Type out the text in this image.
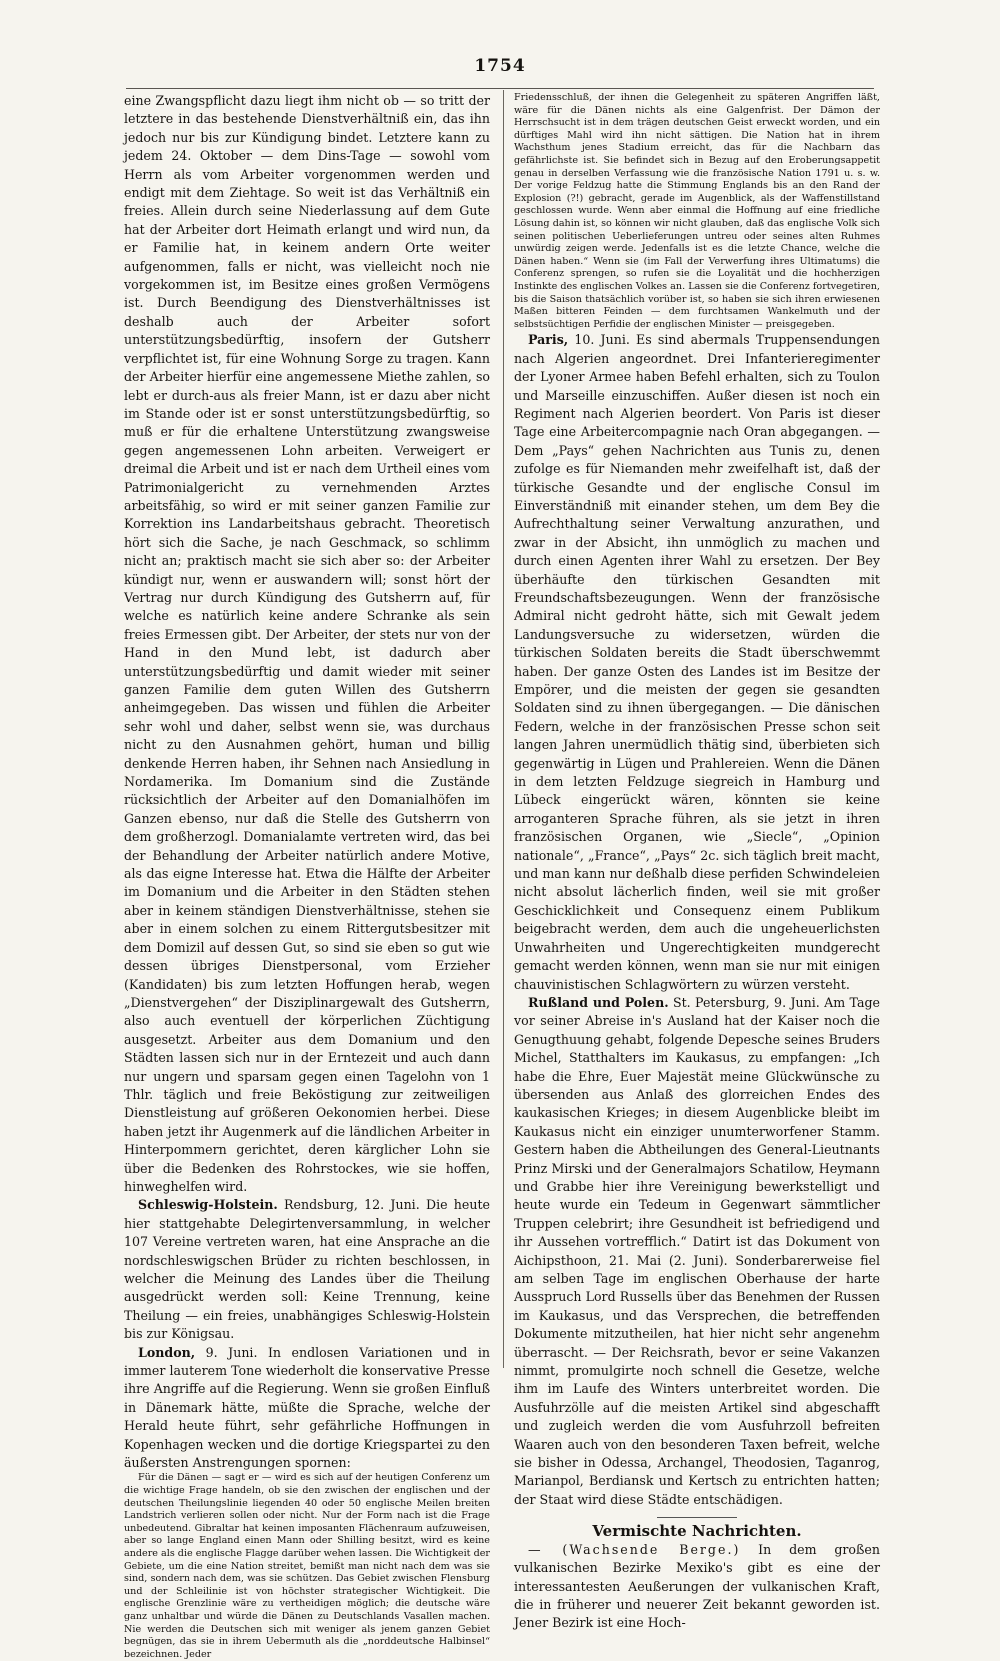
1754

eine Zwangspflicht dazu liegt ihm nicht ob — so tritt der letztere in das bestehende Dienstverhältniß ein, das ihn jedoch nur bis zur Kündigung bindet. Letztere kann zu jedem 24. Oktober — dem Dins-Tage — sowohl vom Herrn als vom Arbeiter vorgenommen werden und endigt mit dem Ziehtage. So weit ist das Verhältniß ein freies. Allein durch seine Niederlassung auf dem Gute hat der Arbeiter dort Heimath erlangt und wird nun, da er Familie hat, in keinem andern Orte weiter aufgenommen, falls er nicht, was vielleicht noch nie vorgekommen ist, im Besitze eines großen Vermögens ist. Durch Beendigung des Dienstverhältnisses ist deshalb auch der Arbeiter sofort unterstützungsbedürftig, insofern der Gutsherr verpflichtet ist, für eine Wohnung Sorge zu tragen. Kann der Arbeiter hierfür eine angemessene Miethe zahlen, so lebt er durch-aus als freier Mann, ist er dazu aber nicht im Stande oder ist er sonst unterstützungsbedürftig, so muß er für die erhaltene Unterstützung zwangsweise gegen angemessenen Lohn arbeiten. Verweigert er dreimal die Arbeit und ist er nach dem Urtheil eines vom Patrimonialgericht zu vernehmenden Arztes arbeitsfähig, so wird er mit seiner ganzen Familie zur Korrektion ins Landarbeitshaus gebracht. Theoretisch hört sich die Sache, je nach Geschmack, so schlimm nicht an; praktisch macht sie sich aber so: der Arbeiter kündigt nur, wenn er auswandern will; sonst hört der Vertrag nur durch Kündigung des Gutsherrn auf, für welche es natürlich keine andere Schranke als sein freies Ermessen gibt. Der Arbeiter, der stets nur von der Hand in den Mund lebt, ist dadurch aber unterstützungsbedürftig und damit wieder mit seiner ganzen Familie dem guten Willen des Gutsherrn anheimgegeben. Das wissen und fühlen die Arbeiter sehr wohl und daher, selbst wenn sie, was durchaus nicht zu den Ausnahmen gehört, human und billig denkende Herren haben, ihr Sehnen nach Ansiedlung in Nordamerika. Im Domanium sind die Zustände rücksichtlich der Arbeiter auf den Domanialhöfen im Ganzen ebenso, nur daß die Stelle des Gutsherrn von dem großherzogl. Domanialamte vertreten wird, das bei der Behandlung der Arbeiter natürlich andere Motive, als das eigne Interesse hat. Etwa die Hälfte der Arbeiter im Domanium und die Arbeiter in den Städten stehen aber in keinem ständigen Dienstverhältnisse, stehen sie aber in einem solchen zu einem Rittergutsbesitzer mit dem Domizil auf dessen Gut, so sind sie eben so gut wie dessen übriges Dienstpersonal, vom Erzieher (Kandidaten) bis zum letzten Hoffungen herab, wegen „Dienstvergehen“ der Disziplinargewalt des Gutsherrn, also auch eventuell der körperlichen Züchtigung ausgesetzt. Arbeiter aus dem Domanium und den Städten lassen sich nur in der Erntezeit und auch dann nur ungern und sparsam gegen einen Tagelohn von 1 Thlr. täglich und freie Beköstigung zur zeitweiligen Dienstleistung auf größeren Oekonomien herbei. Diese haben jetzt ihr Augenmerk auf die ländlichen Arbeiter in Hinterpommern gerichtet, deren kärglicher Lohn sie über die Bedenken des Rohrstockes, wie sie hoffen, hinweghelfen wird.

Schleswig-Holstein. Rendsburg, 12. Juni. Die heute hier stattgehabte Delegirtenversammlung, in welcher 107 Vereine vertreten waren, hat eine Ansprache an die nordschleswigschen Brüder zu richten beschlossen, in welcher die Meinung des Landes über die Theilung ausgedrückt werden soll: Keine Trennung, keine Theilung — ein freies, unabhängiges Schleswig-Holstein bis zur Königsau.

London, 9. Juni. In endlosen Variationen und in immer lauterem Tone wiederholt die konservative Presse ihre Angriffe auf die Regierung. Wenn sie großen Einfluß in Dänemark hätte, müßte die Sprache, welche der Herald heute führt, sehr gefährliche Hoffnungen in Kopenhagen wecken und die dortige Kriegspartei zu den äußersten Anstrengungen spornen:

Für die Dänen — sagt er — wird es sich auf der heutigen Conferenz um die wichtige Frage handeln, ob sie den zwischen der englischen und der deutschen Theilungslinie liegenden 40 oder 50 englische Meilen breiten Landstrich verlieren sollen oder nicht. Nur der Form nach ist die Frage unbedeutend. Gibraltar hat keinen imposanten Flächenraum aufzuweisen, aber so lange England einen Mann oder Shilling besitzt, wird es keine andere als die englische Flagge darüber wehen lassen. Die Wichtigkeit der Gebiete, um die eine Nation streitet, bemißt man nicht nach dem was sie sind, sondern nach dem, was sie schützen. Das Gebiet zwischen Flensburg und der Schleilinie ist von höchster strategischer Wichtigkeit. Die englische Grenzlinie wäre zu vertheidigen möglich; die deutsche wäre ganz unhaltbar und würde die Dänen zu Deutschlands Vasallen machen. Nie werden die Deutschen sich mit weniger als jenem ganzen Gebiet begnügen, das sie in ihrem Uebermuth als die „norddeutsche Halbinsel“ bezeichnen. Jeder

Friedensschluß, der ihnen die Gelegenheit zu späteren Angriffen läßt, wäre für die Dänen nichts als eine Galgenfrist. Der Dämon der Herrschsucht ist in dem trägen deutschen Geist erweckt worden, und ein dürftiges Mahl wird ihn nicht sättigen. Die Nation hat in ihrem Wachsthum jenes Stadium erreicht, das für die Nachbarn das gefährlichste ist. Sie befindet sich in Bezug auf den Eroberungsappetit genau in derselben Verfassung wie die französische Nation 1791 u. s. w. Der vorige Feldzug hatte die Stimmung Englands bis an den Rand der Explosion (?!) gebracht, gerade im Augenblick, als der Waffenstillstand geschlossen wurde. Wenn aber einmal die Hoffnung auf eine friedliche Lösung dahin ist, so können wir nicht glauben, daß das englische Volk sich seinen politischen Ueberlieferungen untreu oder seines alten Ruhmes unwürdig zeigen werde. Jedenfalls ist es die letzte Chance, welche die Dänen haben.“ Wenn sie (im Fall der Verwerfung ihres Ultimatums) die Conferenz sprengen, so rufen sie die Loyalität und die hochherzigen Instinkte des englischen Volkes an. Lassen sie die Conferenz fortvegetiren, bis die Saison thatsächlich vorüber ist, so haben sie sich ihren erwiesenen Maßen bitteren Feinden — dem furchtsamen Wankelmuth und der selbstsüchtigen Perfidie der englischen Minister — preisgegeben.

Paris, 10. Juni. Es sind abermals Truppensendungen nach Algerien angeordnet. Drei Infanterieregimenter der Lyoner Armee haben Befehl erhalten, sich zu Toulon und Marseille einzuschiffen. Außer diesen ist noch ein Regiment nach Algerien beordert. Von Paris ist dieser Tage eine Arbeitercompagnie nach Oran abgegangen. — Dem „Pays“ gehen Nachrichten aus Tunis zu, denen zufolge es für Niemanden mehr zweifelhaft ist, daß der türkische Gesandte und der englische Consul im Einverständniß mit einander stehen, um dem Bey die Aufrechthaltung seiner Verwaltung anzurathen, und zwar in der Absicht, ihn unmöglich zu machen und durch einen Agenten ihrer Wahl zu ersetzen. Der Bey überhäufte den türkischen Gesandten mit Freundschaftsbezeugungen. Wenn der französische Admiral nicht gedroht hätte, sich mit Gewalt jedem Landungsversuche zu widersetzen, würden die türkischen Soldaten bereits die Stadt überschwemmt haben. Der ganze Osten des Landes ist im Besitze der Empörer, und die meisten der gegen sie gesandten Soldaten sind zu ihnen übergegangen. — Die dänischen Federn, welche in der französischen Presse schon seit langen Jahren unermüdlich thätig sind, überbieten sich gegenwärtig in Lügen und Prahlereien. Wenn die Dänen in dem letzten Feldzuge siegreich in Hamburg und Lübeck eingerückt wären, könnten sie keine arroganteren Sprache führen, als sie jetzt in ihren französischen Organen, wie „Siecle“, „Opinion nationale“, „France“, „Pays“ 2c. sich täglich breit macht, und man kann nur deßhalb diese perfiden Schwindeleien nicht absolut lächerlich finden, weil sie mit großer Geschicklichkeit und Consequenz einem Publikum beigebracht werden, dem auch die ungeheuerlichsten Unwahrheiten und Ungerechtigkeiten mundgerecht gemacht werden können, wenn man sie nur mit einigen chauvinistischen Schlagwörtern zu würzen versteht.

Rußland und Polen. St. Petersburg, 9. Juni. Am Tage vor seiner Abreise in's Ausland hat der Kaiser noch die Genugthuung gehabt, folgende Depesche seines Bruders Michel, Statthalters im Kaukasus, zu empfangen: „Ich habe die Ehre, Euer Majestät meine Glückwünsche zu übersenden aus Anlaß des glorreichen Endes des kaukasischen Krieges; in diesem Augenblicke bleibt im Kaukasus nicht ein einziger unumterworfener Stamm. Gestern haben die Abtheilungen des General-Lieutnants Prinz Mirski und der Generalmajors Schatilow, Heymann und Grabbe hier ihre Vereinigung bewerkstelligt und heute wurde ein Tedeum in Gegenwart sämmtlicher Truppen celebrirt; ihre Gesundheit ist befriedigend und ihr Aussehen vortrefflich.“ Datirt ist das Dokument von Aichipsthoon, 21. Mai (2. Juni). Sonderbarerweise fiel am selben Tage im englischen Oberhause der harte Ausspruch Lord Russells über das Benehmen der Russen im Kaukasus, und das Versprechen, die betreffenden Dokumente mitzutheilen, hat hier nicht sehr angenehm überrascht. — Der Reichsrath, bevor er seine Vakanzen nimmt, promulgirte noch schnell die Gesetze, welche ihm im Laufe des Winters unterbreitet worden. Die Ausfuhrzölle auf die meisten Artikel sind abgeschafft und zugleich werden die vom Ausfuhrzoll befreiten Waaren auch von den besonderen Taxen befreit, welche sie bisher in Odessa, Archangel, Theodosien, Taganrog, Marianpol, Berdiansk und Kertsch zu entrichten hatten; der Staat wird diese Städte entschädigen.

Vermischte Nachrichten.

— (Wachsende Berge.) In dem großen vulkanischen Bezirke Mexiko's gibt es eine der interessantesten Aeußerungen der vulkanischen Kraft, die in früherer und neuerer Zeit bekannt geworden ist. Jener Bezirk ist eine Hoch-
